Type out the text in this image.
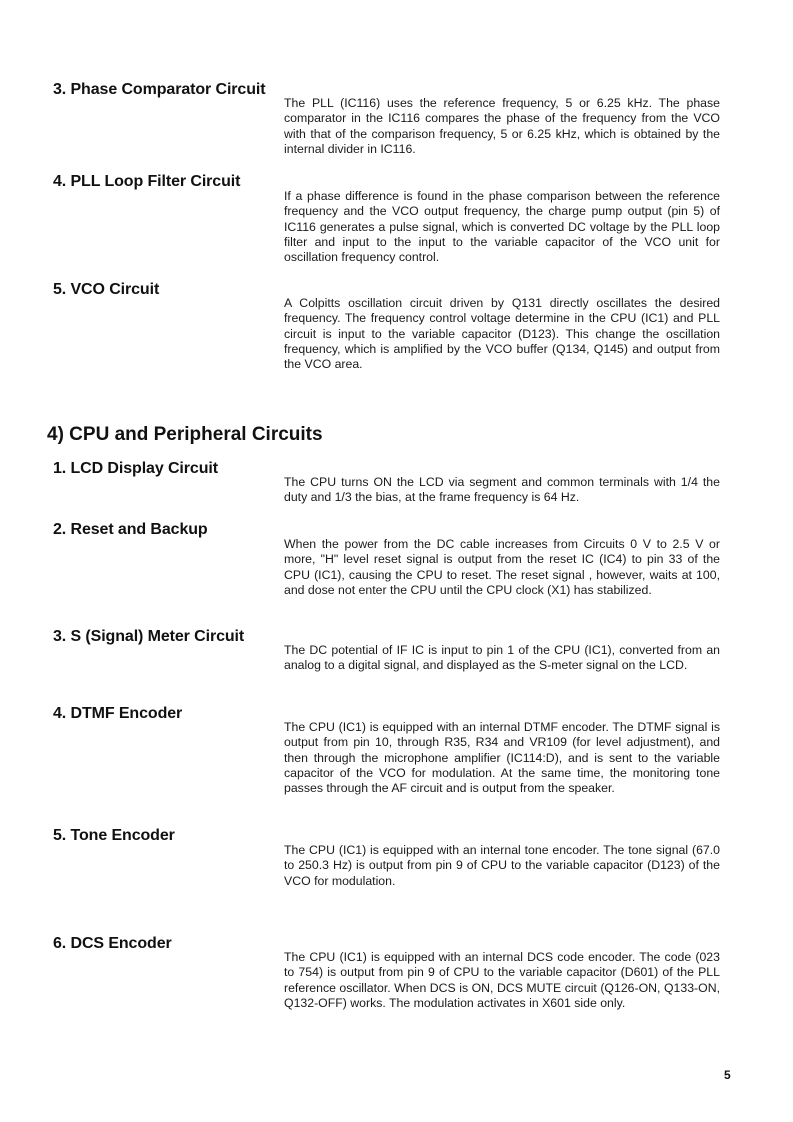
3. Phase Comparator Circuit
The PLL (IC116) uses the reference frequency, 5 or 6.25 kHz. The phase comparator in the IC116 compares the phase of the frequency from the VCO with that of the comparison frequency, 5 or 6.25 kHz, which is obtained by the internal divider in IC116.
4. PLL Loop Filter Circuit
If a phase difference is found in the phase comparison between the reference frequency and the VCO output frequency, the charge pump output (pin 5) of IC116 generates a pulse signal, which is converted DC voltage by the PLL loop filter and input to the input to the variable capacitor of the VCO unit for oscillation frequency control.
5. VCO Circuit
A Colpitts oscillation circuit driven by Q131 directly oscillates the desired frequency. The frequency control voltage determine in the CPU (IC1) and PLL circuit is input to the variable capacitor (D123). This change the oscillation frequency, which is amplified by the VCO buffer (Q134, Q145) and output from the VCO area.
4) CPU and Peripheral Circuits
1. LCD Display Circuit
The CPU turns ON the LCD via segment and common terminals with 1/4 the duty and 1/3 the bias, at the frame frequency is 64 Hz.
2. Reset and Backup
When the power from the DC cable increases from Circuits 0 V to 2.5 V or more, "H" level reset signal is output from the reset IC (IC4) to pin 33 of the CPU (IC1), causing the CPU to reset. The reset signal , however, waits at 100, and dose not enter the CPU until the CPU clock (X1) has stabilized.
3. S (Signal) Meter Circuit
The DC potential of IF IC is input to pin 1 of the CPU (IC1), converted from an analog to a digital signal, and displayed as the S-meter signal on the LCD.
4. DTMF Encoder
The CPU (IC1) is equipped with an internal DTMF encoder. The DTMF signal is output from pin 10, through R35, R34 and VR109 (for level adjustment), and then through the microphone amplifier (IC114:D), and is sent to the variable capacitor of the VCO for modulation. At the same time, the monitoring tone passes through the AF circuit and is output from the speaker.
5. Tone Encoder
The CPU (IC1) is equipped with an internal tone encoder. The tone signal (67.0 to 250.3 Hz) is output from pin 9 of CPU to the variable capacitor (D123) of the VCO for modulation.
6. DCS Encoder
The CPU (IC1) is equipped with an internal DCS code encoder. The code (023 to 754) is output from pin 9 of CPU to the variable capacitor (D601) of the PLL reference oscillator. When DCS is ON, DCS MUTE circuit (Q126-ON, Q133-ON, Q132-OFF) works. The modulation activates in X601 side only.
5
